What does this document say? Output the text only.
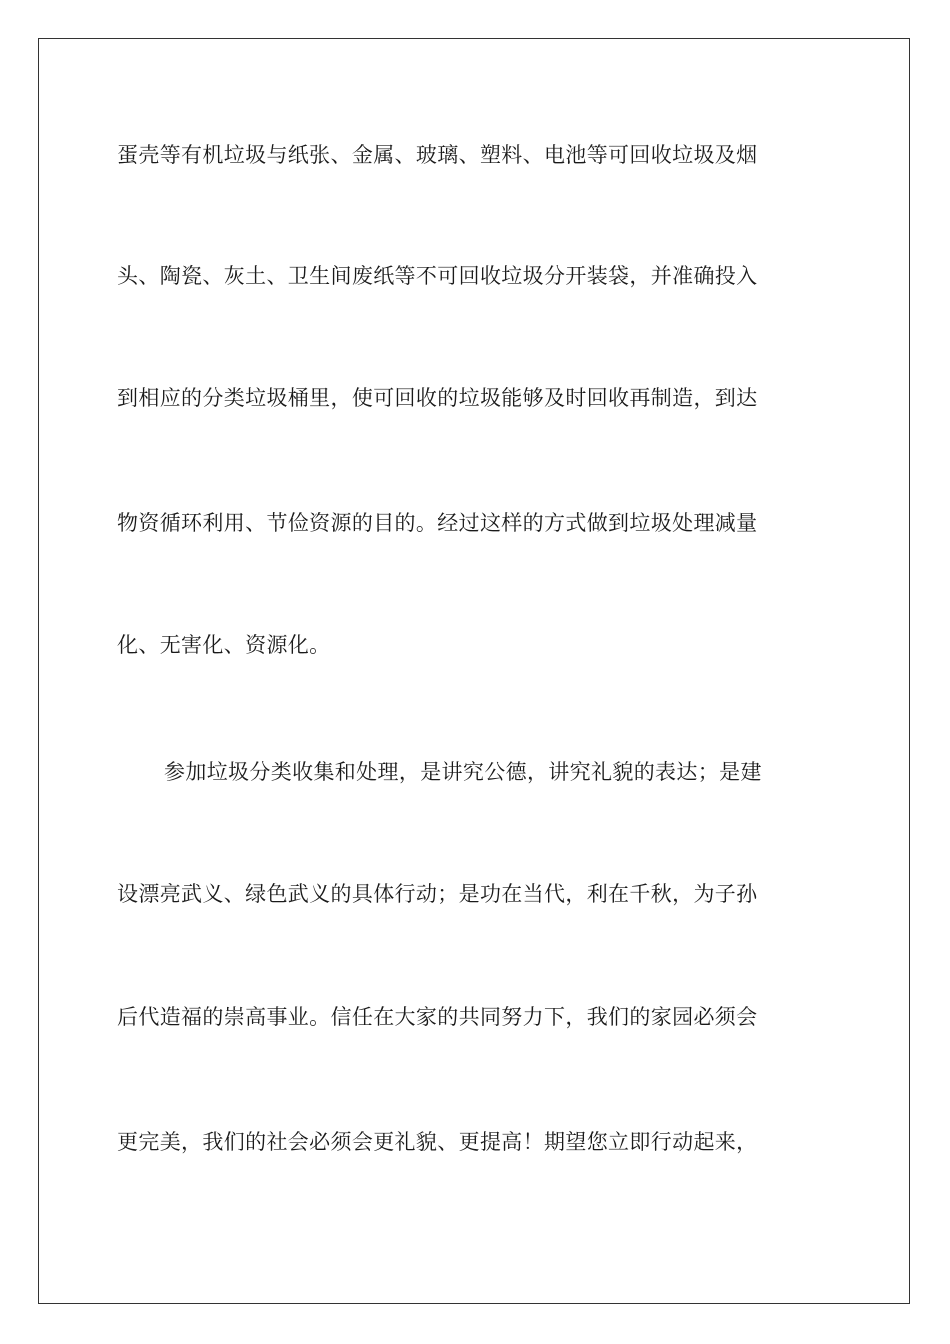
蛋壳等有机垃圾与纸张、金属、玻璃、塑料、电池等可回收垃圾及烟
头、陶瓷、灰土、卫生间废纸等不可回收垃圾分开装袋，并准确投入
到相应的分类垃圾桶里，使可回收的垃圾能够及时回收再制造，到达
物资循环利用、节俭资源的目的。经过这样的方式做到垃圾处理减量
化、无害化、资源化。
参加垃圾分类收集和处理，是讲究公德，讲究礼貌的表达；是建
设漂亮武义、绿色武义的具体行动；是功在当代，利在千秋，为子孙
后代造福的崇高事业。信任在大家的共同努力下，我们的家园必须会
更完美，我们的社会必须会更礼貌、更提高！期望您立即行动起来，
